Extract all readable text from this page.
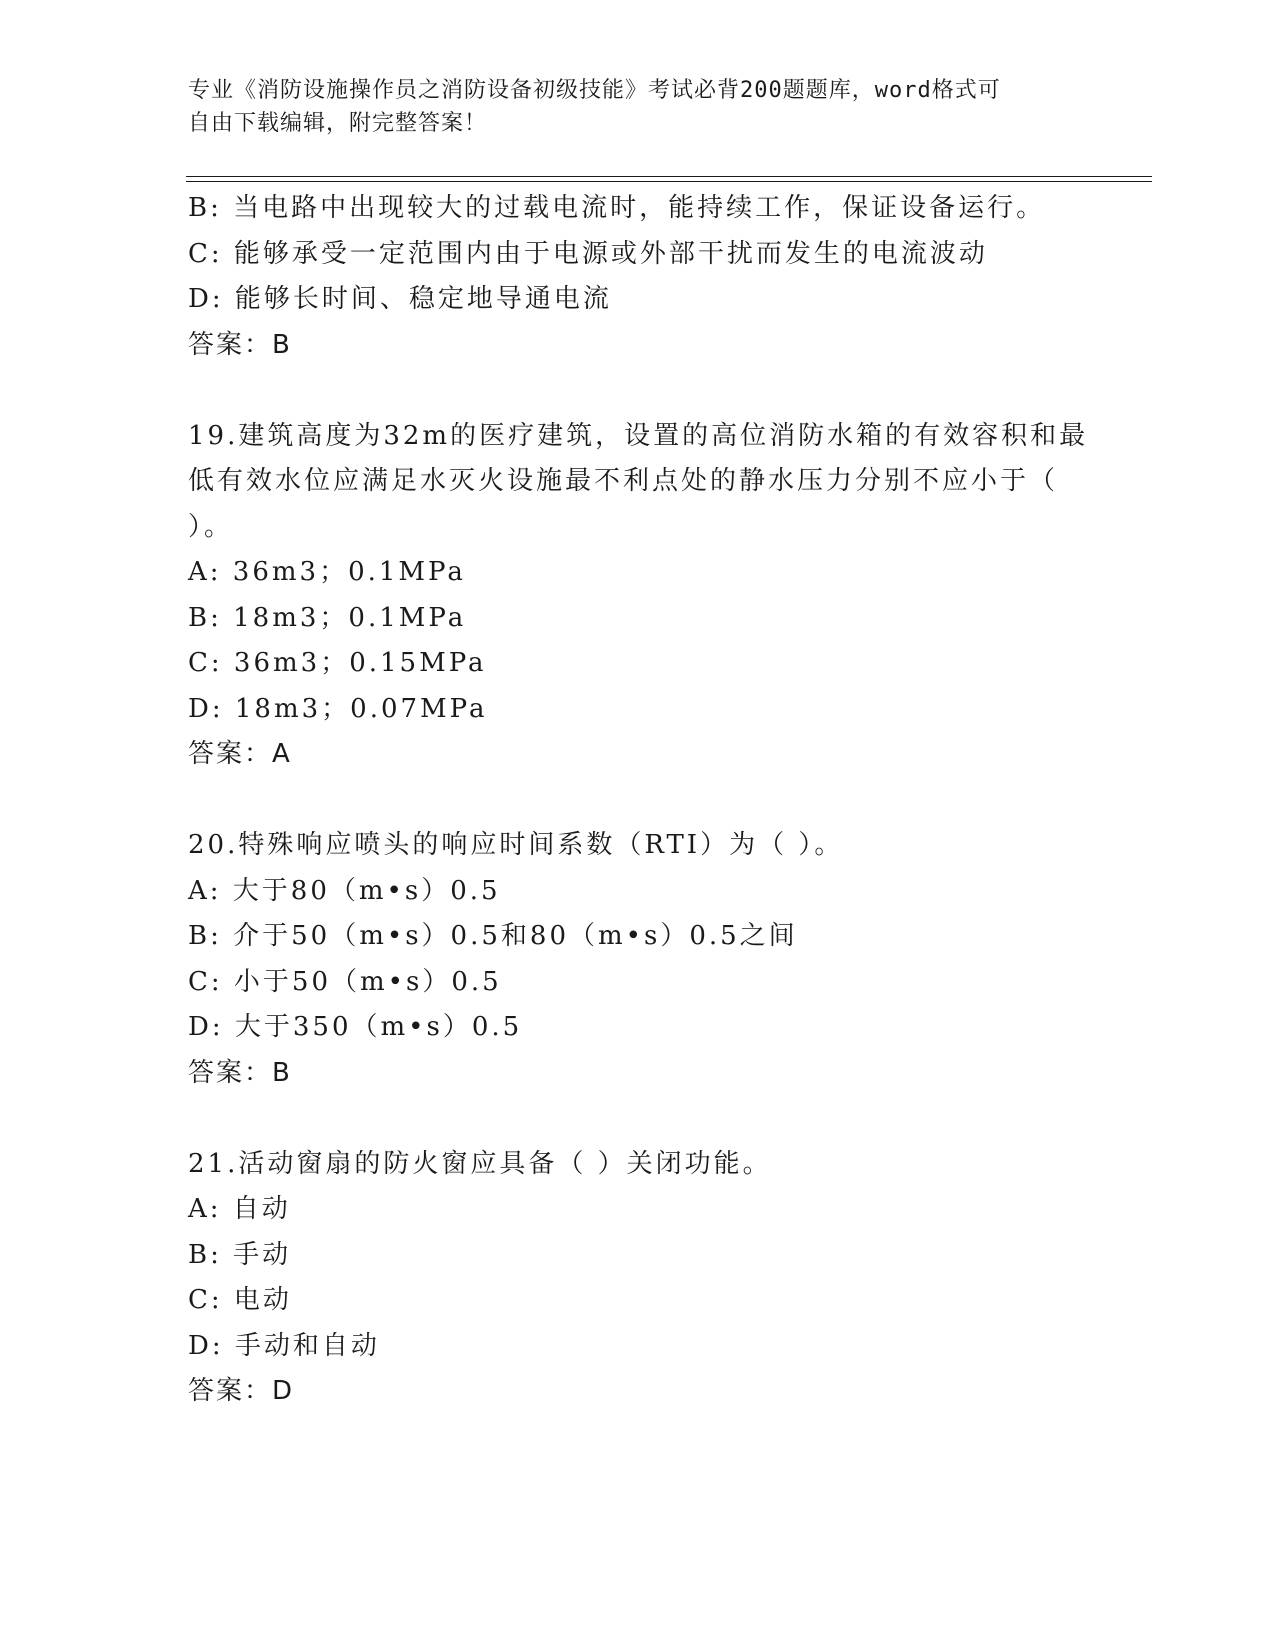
专业《消防设施操作员之消防设备初级技能》考试必背200题题库，word格式可
自由下载编辑，附完整答案！
B: 当电路中出现较大的过载电流时，能持续工作，保证设备运行。
C: 能够承受一定范围内由于电源或外部干扰而发生的电流波动
D: 能够长时间、稳定地导通电流
答案：B
19.建筑高度为32m的医疗建筑，设置的高位消防水箱的有效容积和最
低有效水位应满足水灭火设施最不利点处的静水压力分别不应小于（
）。
A: 36m3；0.1MPa
B: 18m3；0.1MPa
C: 36m3；0.15MPa
D: 18m3；0.07MPa
答案：A
20.特殊响应喷头的响应时间系数（RTI）为（ ）。
A: 大于80（m•s）0.5
B: 介于50（m•s）0.5和80（m•s）0.5之间
C: 小于50（m•s）0.5
D: 大于350（m•s）0.5
答案：B
21.活动窗扇的防火窗应具备（ ）关闭功能。
A: 自动
B: 手动
C: 电动
D: 手动和自动
答案：D
